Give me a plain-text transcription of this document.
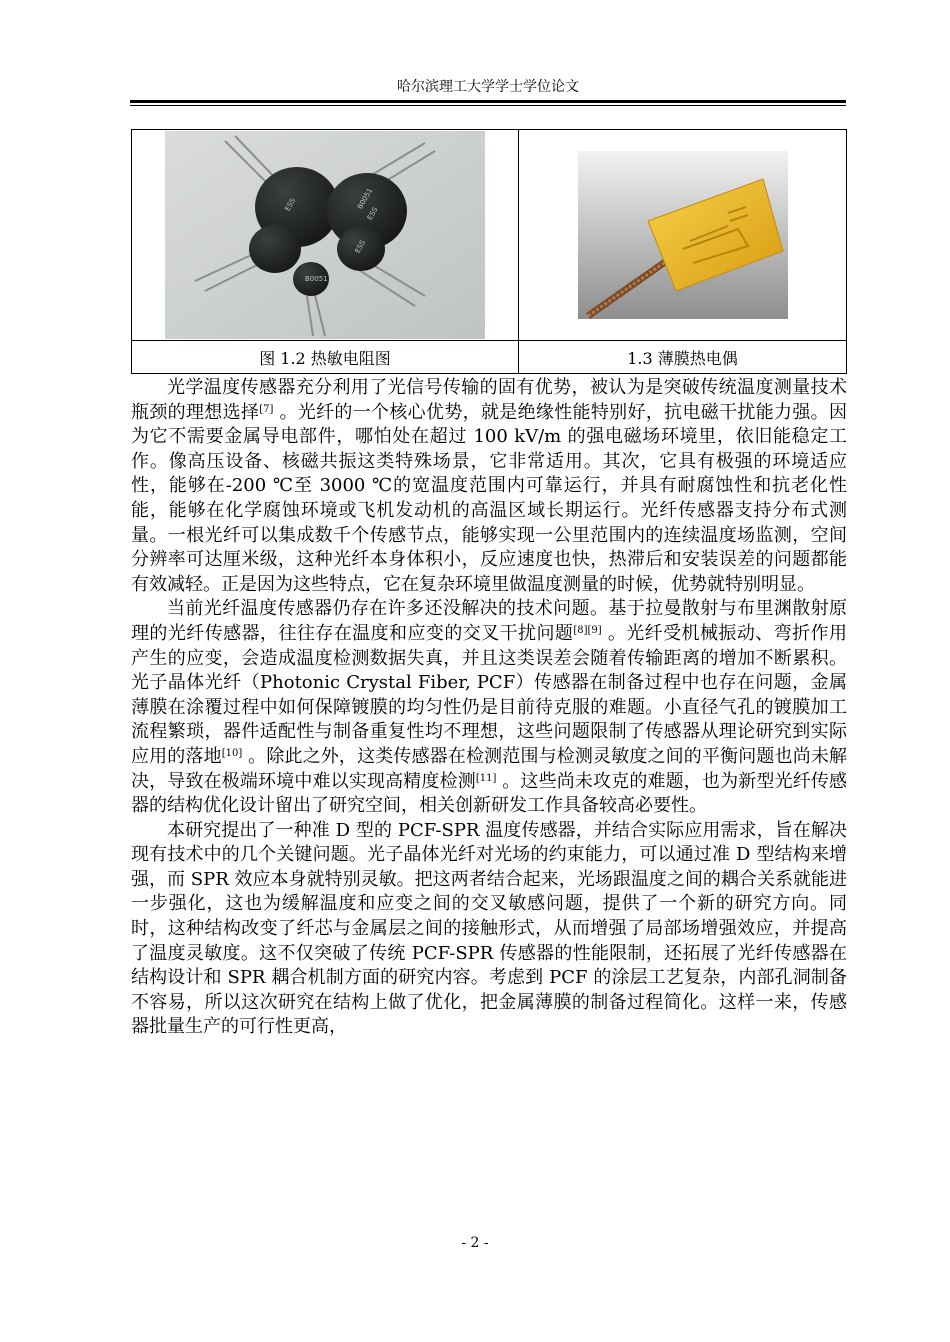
哈尔滨理工大学学士学位论文
ESS B0051
ESS
ESS
B0051

图 1.2 热敏电阻图	1.3 薄膜热电偶

光学温度传感器充分利用了光信号传输的固有优势，被认为是突破传统温度测量技术瓶颈的理想选择[7] 。光纤的一个核心优势，就是绝缘性能特别好，抗电磁干扰能力强。因为它不需要金属导电部件，哪怕处在超过 100 kV/m 的强电磁场环境里，依旧能稳定工作。像高压设备、核磁共振这类特殊场景，它非常适用。其次，它具有极强的环境适应性，能够在-200 ℃至 3000 ℃的宽温度范围内可靠运行，并具有耐腐蚀性和抗老化性能，能够在化学腐蚀环境或飞机发动机的高温区域长期运行。光纤传感器支持分布式测量。一根光纤可以集成数千个传感节点，能够实现一公里范围内的连续温度场监测，空间分辨率可达厘米级，这种光纤本身体积小，反应速度也快，热滞后和安装误差的问题都能有效减轻。正是因为这些特点，它在复杂环境里做温度测量的时候，优势就特别明显。

当前光纤温度传感器仍存在许多还没解决的技术问题。基于拉曼散射与布里渊散射原理的光纤传感器，往往存在温度和应变的交叉干扰问题[8][9] 。光纤受机械振动、弯折作用产生的应变，会造成温度检测数据失真，并且这类误差会随着传输距离的增加不断累积。光子晶体光纤（Photonic Crystal Fiber, PCF）传感器在制备过程中也存在问题，金属薄膜在涂覆过程中如何保障镀膜的均匀性仍是目前待克服的难题。小直径气孔的镀膜加工流程繁琐，器件适配性与制备重复性均不理想，这些问题限制了传感器从理论研究到实际应用的落地[10] 。除此之外，这类传感器在检测范围与检测灵敏度之间的平衡问题也尚未解决，导致在极端环境中难以实现高精度检测[11] 。这些尚未攻克的难题，也为新型光纤传感器的结构优化设计留出了研究空间，相关创新研发工作具备较高必要性。

本研究提出了一种准 D 型的 PCF-SPR 温度传感器，并结合实际应用需求，旨在解决现有技术中的几个关键问题。光子晶体光纤对光场的约束能力，可以通过准 D 型结构来增强，而 SPR 效应本身就特别灵敏。把这两者结合起来，光场跟温度之间的耦合关系就能进一步强化，这也为缓解温度和应变之间的交叉敏感问题，提供了一个新的研究方向。同时，这种结构改变了纤芯与金属层之间的接触形式，从而增强了局部场增强效应，并提高了温度灵敏度。这不仅突破了传统 PCF-SPR 传感器的性能限制，还拓展了光纤传感器在结构设计和 SPR 耦合机制方面的研究内容。考虑到 PCF 的涂层工艺复杂，内部孔洞制备不容易，所以这次研究在结构上做了优化，把金属薄膜的制备过程简化。这样一来，传感器批量生产的可行性更高，

- 2 -
